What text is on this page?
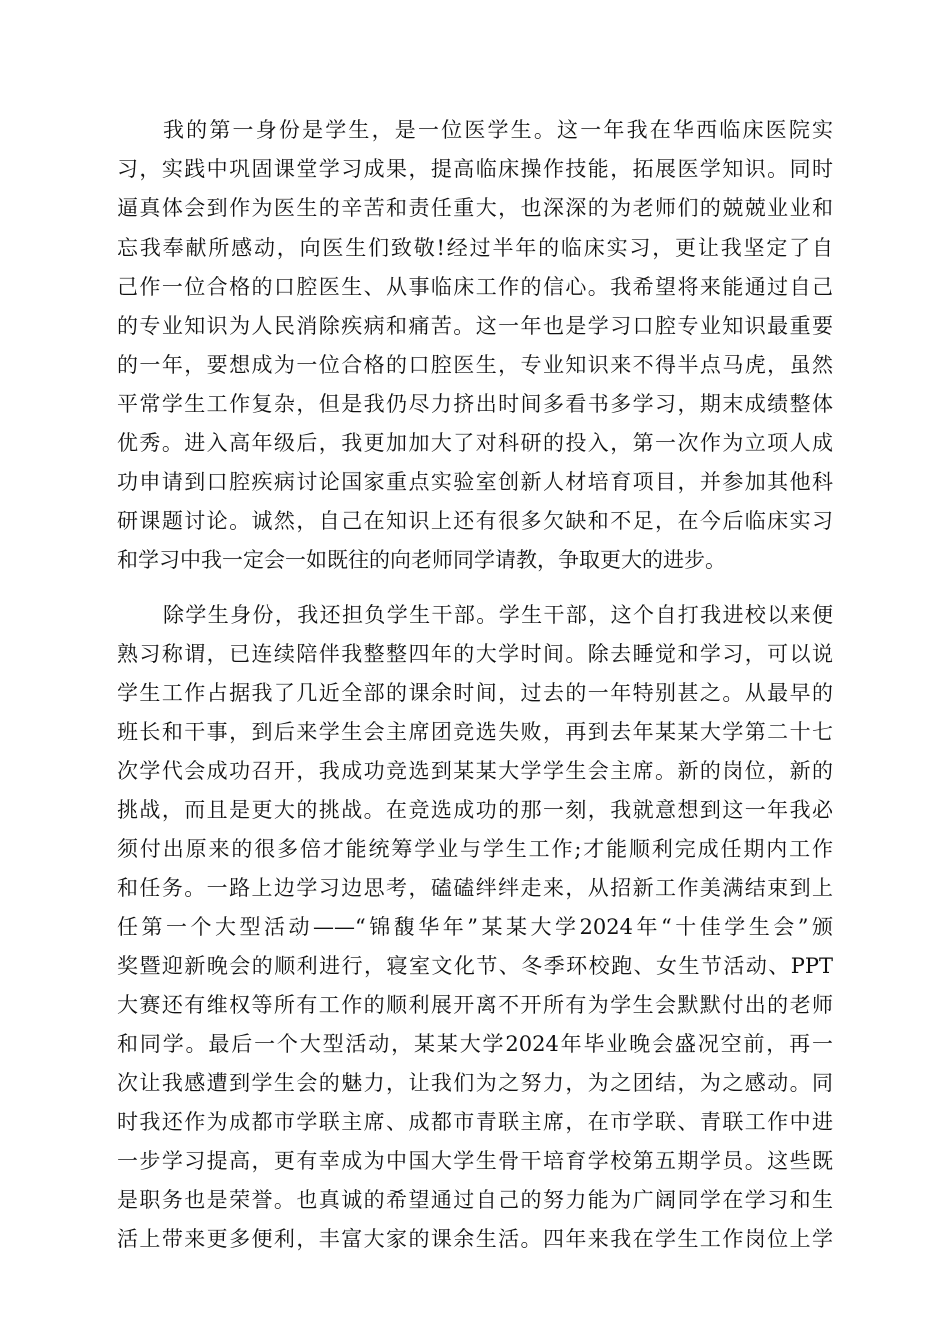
我的第一身份是学生，是一位医学生。这一年我在华西临床医院实
习，实践中巩固课堂学习成果，提高临床操作技能，拓展医学知识。同时
逼真体会到作为医生的辛苦和责任重大，也深深的为老师们的兢兢业业和
忘我奉献所感动，向医生们致敬!经过半年的临床实习，更让我坚定了自
己作一位合格的口腔医生、从事临床工作的信心。我希望将来能通过自己
的专业知识为人民消除疾病和痛苦。这一年也是学习口腔专业知识最重要
的一年，要想成为一位合格的口腔医生，专业知识来不得半点马虎，虽然
平常学生工作复杂，但是我仍尽力挤出时间多看书多学习，期末成绩整体
优秀。进入高年级后，我更加加大了对科研的投入，第一次作为立项人成
功申请到口腔疾病讨论国家重点实验室创新人材培育项目，并参加其他科
研课题讨论。诚然，自己在知识上还有很多欠缺和不足，在今后临床实习
和学习中我一定会一如既往的向老师同学请教，争取更大的进步。
除学生身份，我还担负学生干部。学生干部，这个自打我进校以来便
熟习称谓，已连续陪伴我整整四年的大学时间。除去睡觉和学习，可以说
学生工作占据我了几近全部的课余时间，过去的一年特别甚之。从最早的
班长和干事，到后来学生会主席团竞选失败，再到去年某某大学第二十七
次学代会成功召开，我成功竞选到某某大学学生会主席。新的岗位，新的
挑战，而且是更大的挑战。在竞选成功的那一刻，我就意想到这一年我必
须付出原来的很多倍才能统筹学业与学生工作;才能顺利完成任期内工作
和任务。一路上边学习边思考，磕磕绊绊走来，从招新工作美满结束到上
任第一个大型活动——“锦馥华年”某某大学2024年“十佳学生会”颁
奖暨迎新晚会的顺利进行，寝室文化节、冬季环校跑、女生节活动、PPT
大赛还有维权等所有工作的顺利展开离不开所有为学生会默默付出的老师
和同学。最后一个大型活动，某某大学2024年毕业晚会盛况空前，再一
次让我感遭到学生会的魅力，让我们为之努力，为之团结，为之感动。同
时我还作为成都市学联主席、成都市青联主席，在市学联、青联工作中进
一步学习提高，更有幸成为中国大学生骨干培育学校第五期学员。这些既
是职务也是荣誉。也真诚的希望通过自己的努力能为广阔同学在学习和生
活上带来更多便利，丰富大家的课余生活。四年来我在学生工作岗位上学
